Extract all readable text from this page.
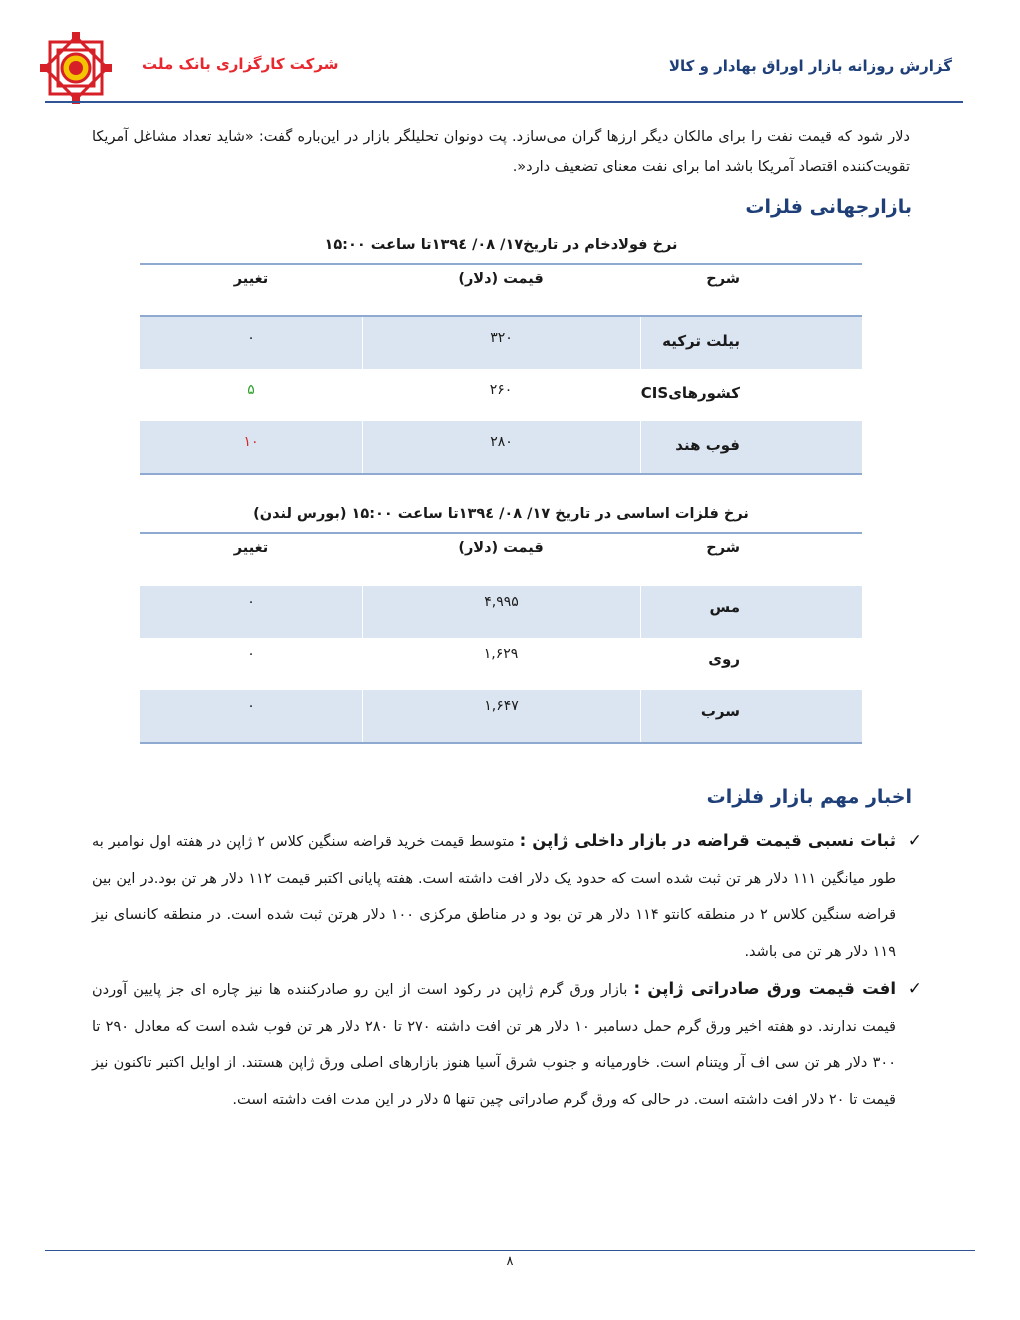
شرکت کارگزاری بانک ملت	گزارش روزانه بازار اوراق بهادار و کالا
دلار شود که قیمت نفت را برای مالکان دیگر ارزها گران می‌سازد. پت دونوان تحلیلگر بازار در این‌باره گفت: «شاید تعداد مشاغل آمریکا تقویت‌کننده اقتصاد آمریکا باشد اما برای نفت معنای تضعیف دارد«.
بازارجهانی فلزات
نرخ فولادخام در تاریخ۱۷/ ۰۸/ ۱۳۹٤تا ساعت ۱۵:۰۰
شرح
قیمت (دلار)
تغییر
بیلت ترکیه
۳۲۰
۰
کشورهایCIS
۲۶۰
۵
فوب هند
۲۸۰
۱۰
نرخ فلزات اساسی در تاریخ ۱۷/ ۰۸/ ۱۳۹٤تا ساعت ۱۵:۰۰ (بورس لندن)
شرح
قیمت (دلار)
تغییر
مس
۴,۹۹۵
۰
روی
۱,۶۲۹
۰
سرب
۱,۶۴۷
۰
اخبار مهم بازار فلزات
✓
ثبات نسبی قیمت قراضه در بازار داخلی ژاپن : متوسط قیمت خرید قراضه سنگین کلاس ۲ ژاپن در هفته اول نوامبر به طور میانگین ۱۱۱ دلار هر تن ثبت شده است که حدود یک دلار افت داشته است. هفته پایانی اکتبر قیمت ۱۱۲ دلار هر تن بود.در این بین قراضه سنگین کلاس ۲ در منطقه کانتو ۱۱۴ دلار هر تن بود و در مناطق مرکزی ۱۰۰ دلار هرتن ثبت شده است. در منطقه کانسای نیز ۱۱۹ دلار هر تن می باشد.
✓
افت قیمت ورق صادراتی ژاپن : بازار ورق گرم ژاپن در رکود است از این رو صادرکننده ها نیز چاره ای جز پایین آوردن قیمت ندارند. دو هفته اخیر ورق گرم حمل دسامبر ۱۰ دلار هر تن افت داشته ۲۷۰ تا ۲۸۰ دلار هر تن فوب شده است که معادل ۲۹۰ تا ۳۰۰ دلار هر تن سی اف آر ویتنام است. خاورمیانه و جنوب شرق آسیا هنوز بازارهای اصلی ورق ژاپن هستند. از اوایل اکتبر تاکنون نیز قیمت تا ۲۰ دلار افت داشته است. در حالی که ورق گرم صادراتی چین تنها ۵ دلار در این مدت افت داشته است.
۸
